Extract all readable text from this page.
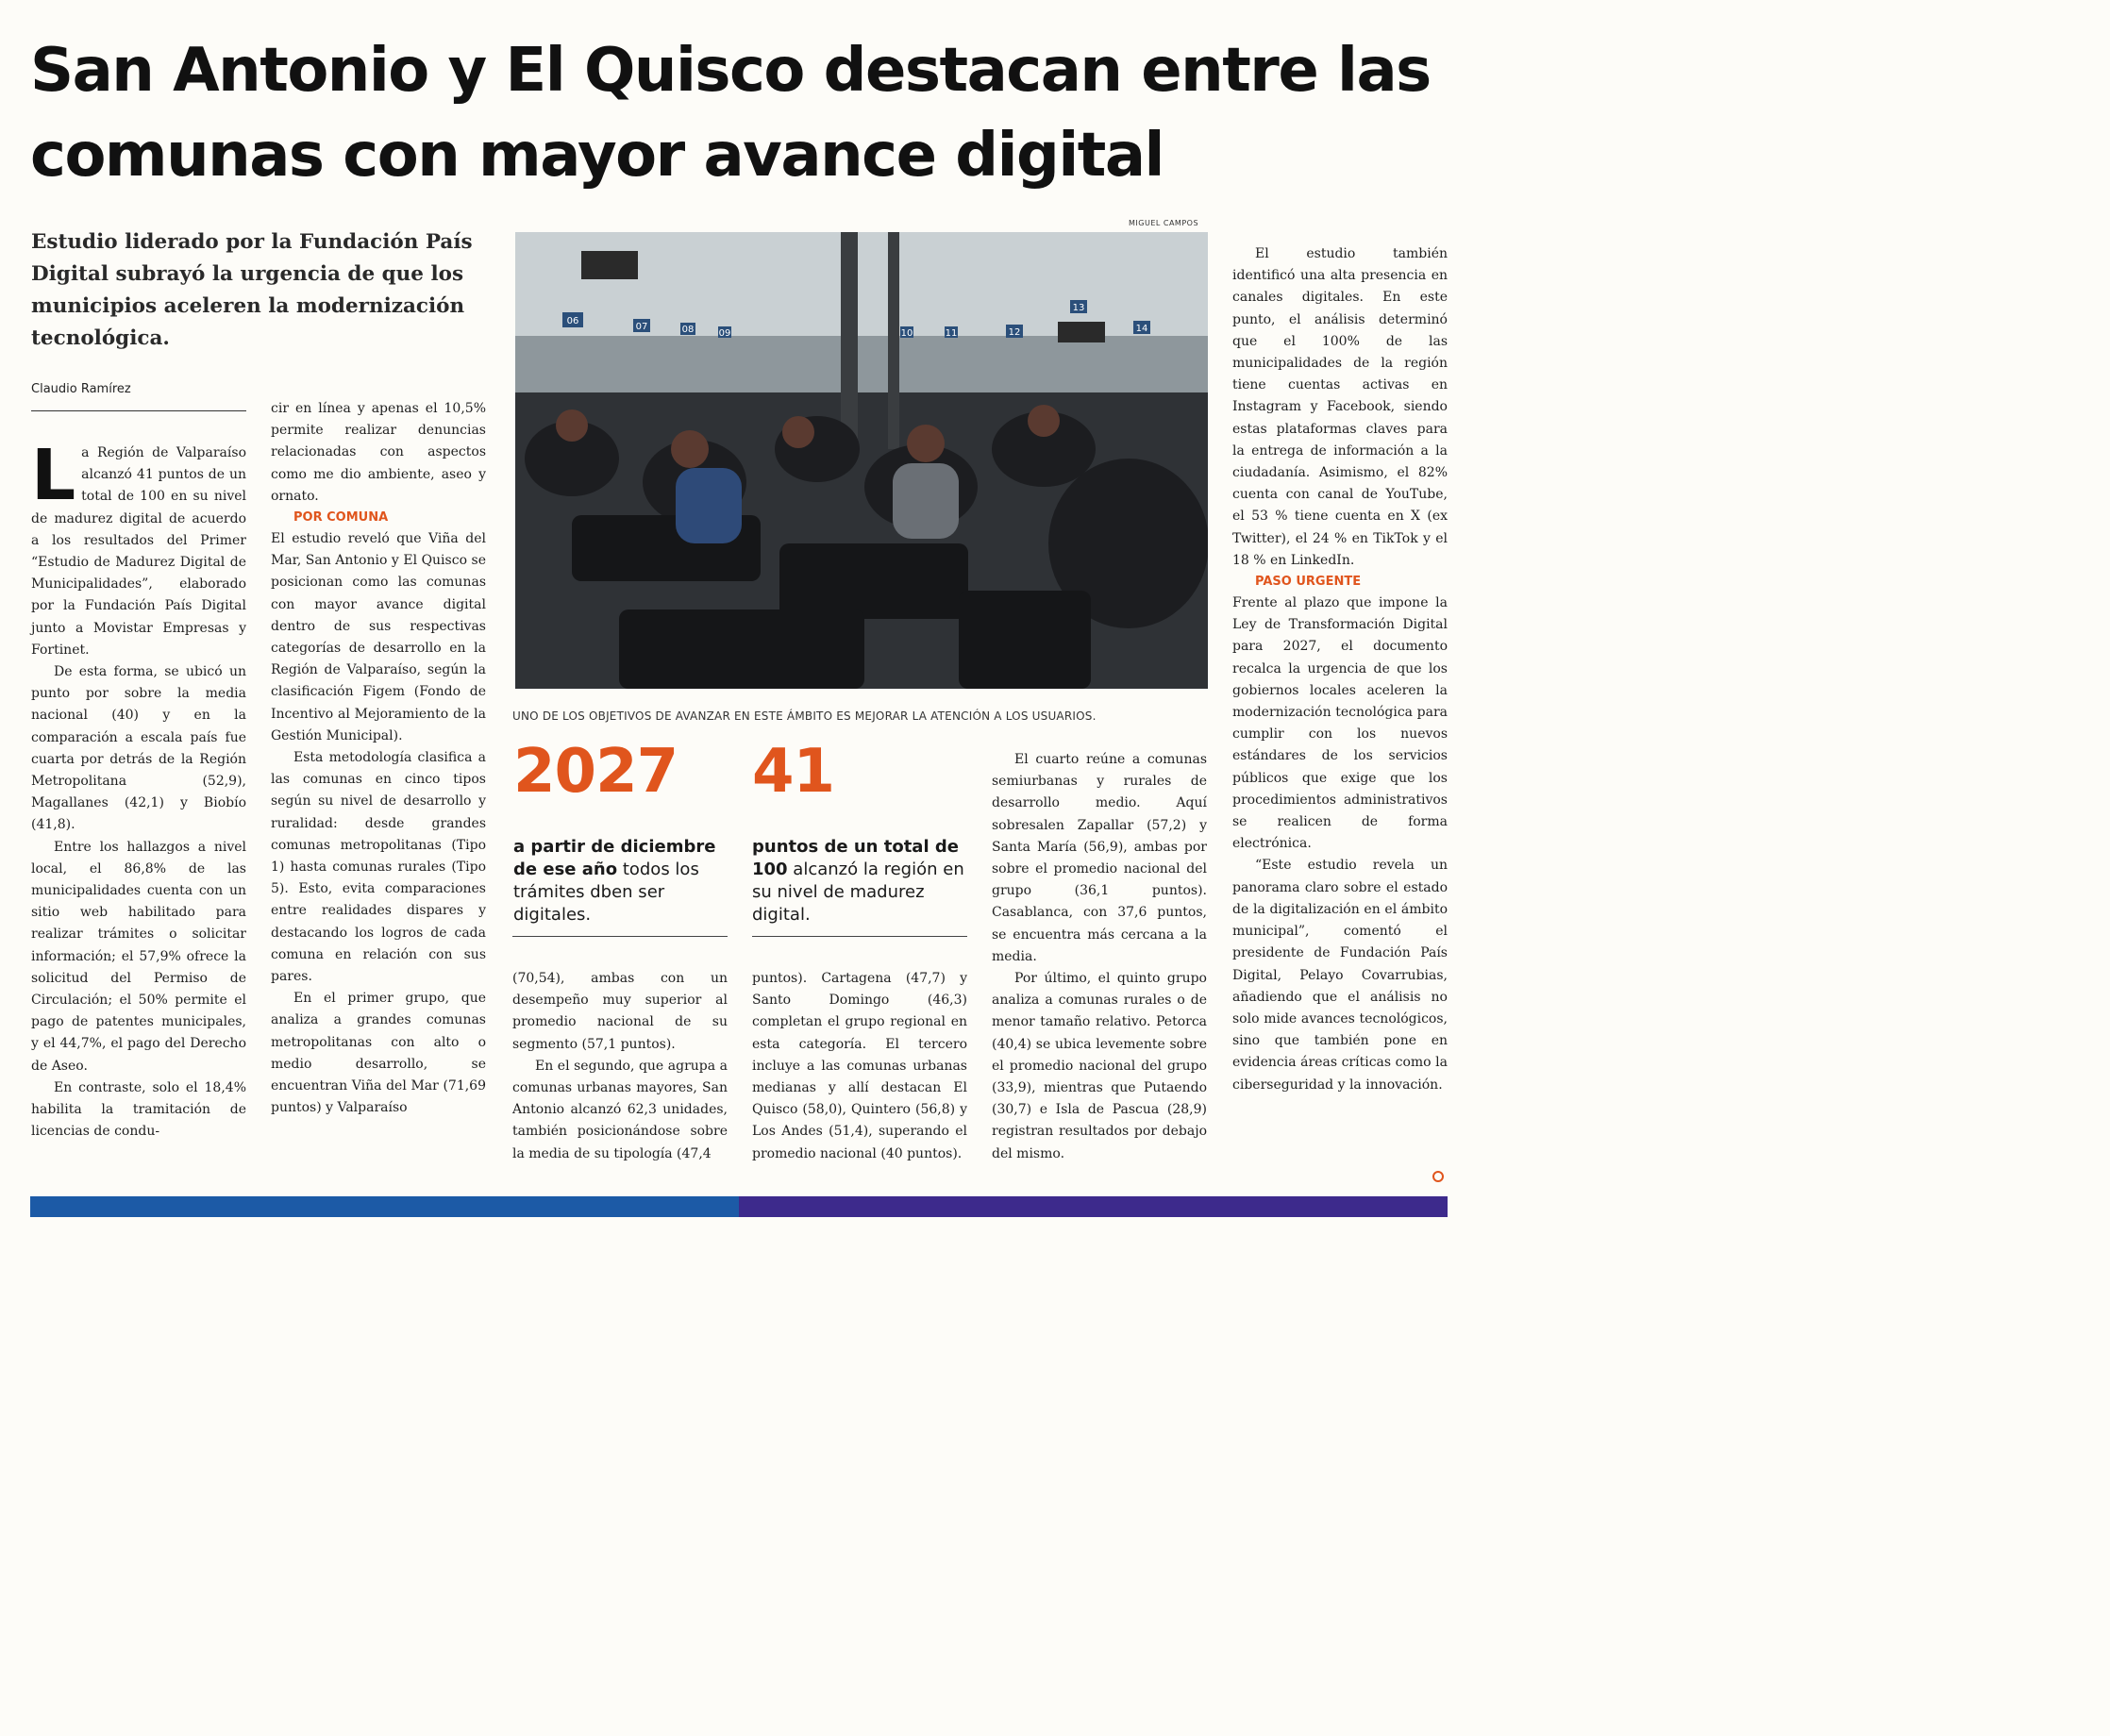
San Antonio y El Quisco destacan entre las comunas con mayor avance digital
Estudio liderado por la Fundación País Digital subrayó la urgencia de que los municipios aceleren la modernización tecnológica.
Claudio Ramírez

La Región de Valparaíso alcanzó 41 puntos de un total de 100 en su nivel de madurez digital de acuerdo a los resultados del Primer “Estudio de Madurez Digital de Municipalidades”, elaborado por la Fundación País Digital junto a Movistar Empresas y Fortinet.

De esta forma, se ubicó un punto por sobre la media nacional (40) y en la comparación a escala país fue cuarta por detrás de la Región Metropolitana (52,9), Magallanes (42,1) y Biobío (41,8).

Entre los hallazgos a nivel local, el 86,8% de las municipalidades cuenta con un sitio web habilitado para realizar trámites o solicitar información; el 57,9% ofrece la solicitud del Permiso de Circulación; el 50% permite el pago de patentes municipales, y el 44,7%, el pago del Derecho de Aseo.

En contraste, solo el 18,4% habilita la tramitación de licencias de condu-

cir en línea y apenas el 10,5% permite realizar denuncias relacionadas con aspectos como me dio ambiente, aseo y ornato.

POR COMUNA

El estudio reveló que Viña del Mar, San Antonio y El Quisco se posicionan como las comunas con mayor avance digital dentro de sus respectivas categorías de desarrollo en la Región de Valparaíso, según la clasificación Figem (Fondo de Incentivo al Mejoramiento de la Gestión Municipal).

Esta metodología clasifica a las comunas en cinco tipos según su nivel de desarrollo y ruralidad: desde grandes comunas metropolitanas (Tipo 1) hasta comunas rurales (Tipo 5). Esto, evita comparaciones entre realidades dispares y destacando los logros de cada comuna en relación con sus pares.

En el primer grupo, que analiza a grandes comunas metropolitanas con alto o medio desarrollo, se encuentran Viña del Mar (71,69 puntos) y Valparaíso

MIGUEL CAMPOS
06
07	08	09	10	11	12
13
14
UNO DE LOS OBJETIVOS DE AVANZAR EN ESTE ÁMBITO ES MEJORAR LA ATENCIÓN A LOS USUARIOS.
2027
a partir de diciembre de ese año todos los trámites dben ser digitales.
41
puntos de un total de 100 alcanzó la región en su nivel de madurez digital.

(70,54), ambas con un desempeño muy superior al promedio nacional de su segmento (57,1 puntos).

En el segundo, que agrupa a comunas urbanas mayores, San Antonio alcanzó 62,3 unidades, también posicionándose sobre la media de su tipología (47,4

puntos). Cartagena (47,7) y Santo Domingo (46,3) completan el grupo regional en esta categoría. El tercero incluye a las comunas urbanas medianas y allí destacan El Quisco (58,0), Quintero (56,8) y Los Andes (51,4), superando el promedio nacional (40 puntos).

El cuarto reúne a comunas semiurbanas y rurales de desarrollo medio. Aquí sobresalen Zapallar (57,2) y Santa María (56,9), ambas por sobre el promedio nacional del grupo (36,1 puntos). Casablanca, con 37,6 puntos, se encuentra más cercana a la media.

Por último, el quinto grupo analiza a comunas rurales o de menor tamaño relativo. Petorca (40,4) se ubica levemente sobre el promedio nacional del grupo (33,9), mientras que Putaendo (30,7) e Isla de Pascua (28,9) registran resultados por debajo del mismo.

El estudio también identificó una alta presencia en canales digitales. En este punto, el análisis determinó que el 100% de las municipalidades de la región tiene cuentas activas en Instagram y Facebook, siendo estas plataformas claves para la entrega de información a la ciudadanía. Asimismo, el 82% cuenta con canal de YouTube, el 53 % tiene cuenta en X (ex Twitter), el 24 % en TikTok y el 18 % en LinkedIn.

PASO URGENTE

Frente al plazo que impone la Ley de Transformación Digital para 2027, el documento recalca la urgencia de que los gobiernos locales aceleren la modernización tecnológica para cumplir con los nuevos estándares de los servicios públicos que exige que los procedimientos administrativos se realicen de forma electrónica.

“Este estudio revela un panorama claro sobre el estado de la digitalización en el ámbito municipal”, comentó el presidente de Fundación País Digital, Pelayo Covarrubias, añadiendo que el análisis no solo mide avances tecnológicos, sino que también pone en evidencia áreas críticas como la ciberseguridad y la innovación.
